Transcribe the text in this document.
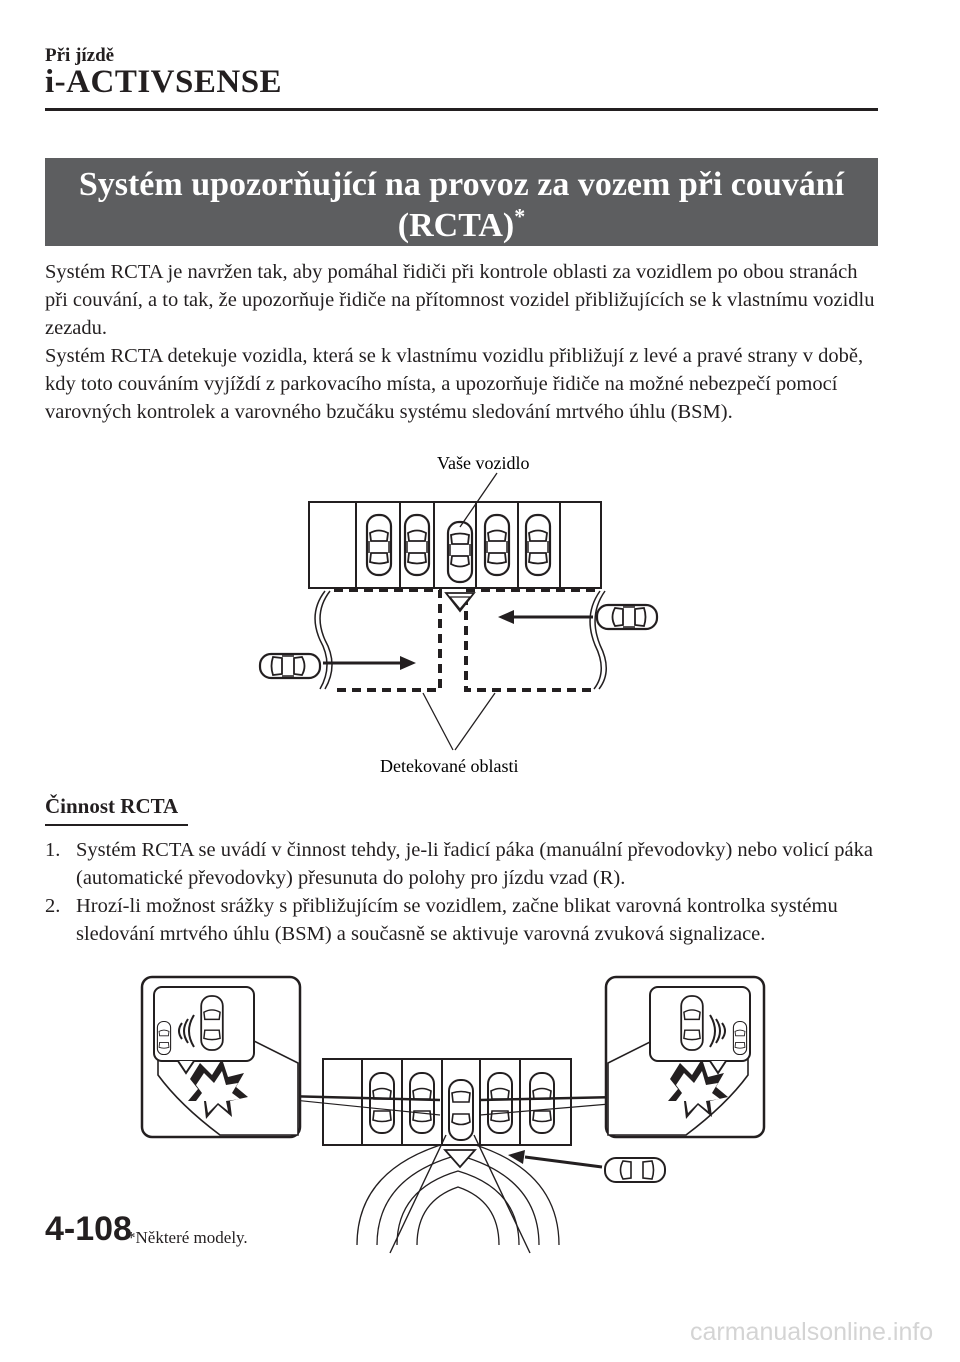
Při jízdě
i-ACTIVSENSE
Systém upozorňující na provoz za vozem při couvání
(RCTA)*

Systém RCTA je navržen tak, aby pomáhal řidiči při kontrole oblasti za vozidlem po obou stranách při couvání, a to tak, že upozorňuje řidiče na přítomnost vozidel přibližujících se k vlastnímu vozidlu zezadu.

Systém RCTA detekuje vozidla, která se k vlastnímu vozidlu přibližují z levé a pravé strany v době, kdy toto couváním vyjíždí z parkovacího místa, a upozorňuje řidiče na možné nebezpečí pomocí varovných kontrolek a varovného bzučáku systému sledování mrtvého úhlu (BSM).

Vaše vozidlo
Detekované oblasti
Činnost RCTA
1. Systém RCTA se uvádí v činnost tehdy, je-li řadicí páka (manuální převodovky) nebo volicí páka (automatické převodovky) přesunuta do polohy pro jízdu vzad (R).
2. Hrozí-li možnost srážky s přibližujícím se vozidlem, začne blikat varovná kontrolka systému sledování mrtvého úhlu (BSM) a současně se aktivuje varovná zvuková signalizace.
4-108
*Některé modely.
carmanualsonline.info
